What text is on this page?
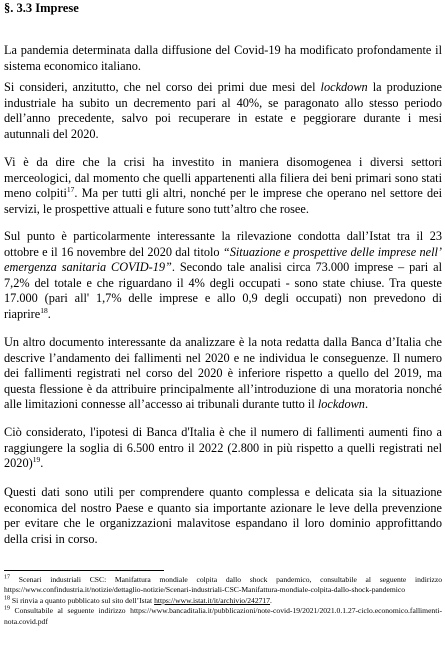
§. 3.3 Imprese

La pandemia determinata dalla diffusione del Covid-19 ha modificato profondamente il sistema economico italiano.

Si consideri, anzitutto, che nel corso dei primi due mesi del lockdown la produzione industriale ha subito un decremento pari al 40%, se paragonato allo stesso periodo dell’anno precedente, salvo poi recuperare in estate e peggiorare durante i mesi autunnali del 2020.

Vi è da dire che la crisi ha investito in maniera disomogenea i diversi settori merceologici, dal momento che quelli appartenenti alla filiera dei beni primari sono stati meno colpiti$^{17}$. Ma per tutti gli altri, nonché per le imprese che operano nel settore dei servizi, le prospettive attuali e future sono tutt’altro che rosee.

Sul punto è particolarmente interessante la rilevazione condotta dall’Istat tra il 23 ottobre e il 16 novembre del 2020 dal titolo “Situazione e prospettive delle imprese nell’ emergenza sanitaria COVID-19”. Secondo tale analisi circa 73.000 imprese – pari al 7,2% del totale e che riguardano il 4% degli occupati - sono state chiuse. Tra queste 17.000 (pari all' 1,7% delle imprese e allo 0,9 degli occupati) non prevedono di riaprire$^{18}$.

Un altro documento interessante da analizzare è la nota redatta dalla Banca d’Italia che descrive l’andamento dei fallimenti nel 2020 e ne individua le conseguenze. Il numero dei fallimenti registrati nel corso del 2020 è inferiore rispetto a quello del 2019, ma questa flessione è da attribuire principalmente all’introduzione di una moratoria nonché alle limitazioni connesse all’accesso ai tribunali durante tutto il lockdown.

Ciò considerato, l'ipotesi di Banca d'Italia è che il numero di fallimenti aumenti fino a raggiungere la soglia di 6.500 entro il 2022 (2.800 in più rispetto a quelli registrati nel 2020)$^{19}$.

Questi dati sono utili per comprendere quanto complessa e delicata sia la situazione economica del nostro Paese e quanto sia importante azionare le leve della prevenzione per evitare che le organizzazioni malavitose espandano il loro dominio approfittando della crisi in corso.

$^{17}$ Scenari industriali CSC: Manifattura mondiale colpita dallo shock pandemico, consultabile al seguente indirizzo https://www.confindustria.it/notizie/dettaglio-notizie/Scenari-industriali-CSC-Manifattura-mondiale-colpita-dallo-shock-pandemico

$^{18}$ Si rinvia a quanto pubblicato sul sito dell’Istat https://www.istat.it/it/archivio/242717.

$^{19}$ Consultabile al seguente indirizzo https://www.bancaditalia.it/pubblicazioni/note-covid-19/2021/2021.0.1.27-ciclo.economico.fallimenti-nota.covid.pdf
